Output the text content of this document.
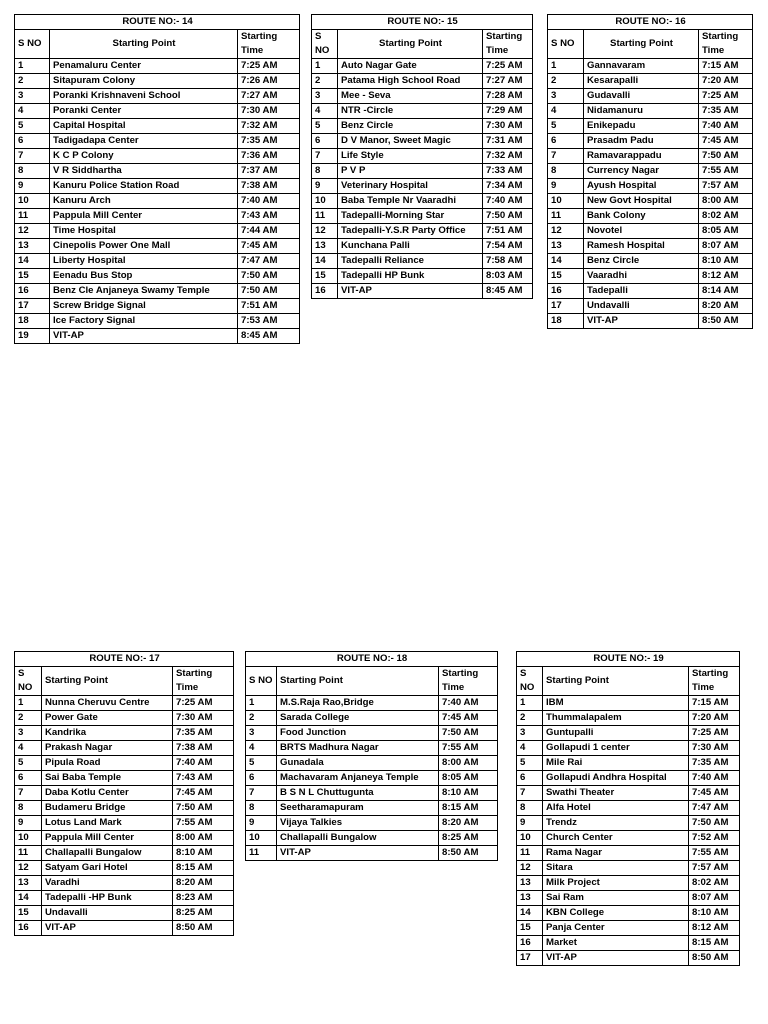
ROUTE NO:- 14		
S NO	Starting Point	Starting Time
1	Penamaluru Center	7:25 AM
2	Sitapuram Colony	7:26 AM
3	Poranki Krishnaveni School	7:27 AM
4	Poranki Center	7:30 AM
5	Capital Hospital	7:32 AM
6	Tadigadapa Center	7:35 AM
7	K C P Colony	7:36 AM
8	V R Siddhartha	7:37 AM
9	Kanuru Police Station Road	7:38 AM
10	Kanuru Arch	7:40 AM
11	Pappula Mill Center	7:43 AM
12	Time Hospital	7:44 AM
13	Cinepolis Power One Mall	7:45 AM
14	Liberty Hospital	7:47 AM
15	Eenadu Bus Stop	7:50 AM
16	Benz Cle Anjaneya Swamy Temple	7:50 AM
17	Screw Bridge Signal	7:51 AM
18	Ice Factory Signal	7:53 AM
19	VIT-AP	8:45 AM
ROUTE NO:- 15		
S NO	Starting Point	Starting Time
1	Auto Nagar Gate	7:25 AM
2	Patama High School Road	7:27 AM
3	Mee - Seva	7:28 AM
4	NTR -Circle	7:29 AM
5	Benz Circle	7:30 AM
6	D V Manor, Sweet Magic	7:31 AM
7	Life Style	7:32 AM
8	P V P	7:33 AM
9	Veterinary Hospital	7:34 AM
10	Baba Temple Nr Vaaradhi	7:40 AM
11	Tadepalli-Morning Star	7:50 AM
12	Tadepalli-Y.S.R Party Office	7:51 AM
13	Kunchana Palli	7:54 AM
14	Tadepalli Reliance	7:58 AM
15	Tadepalli HP Bunk	8:03 AM
16	VIT-AP	8:45 AM
ROUTE NO:- 16		
S NO	Starting Point	Starting Time
1	Gannavaram	7:15 AM
2	Kesarapalli	7:20 AM
3	Gudavalli	7:25 AM
4	Nidamanuru	7:35 AM
5	Enikepadu	7:40 AM
6	Prasadm Padu	7:45 AM
7	Ramavarappadu	7:50 AM
8	Currency Nagar	7:55 AM
9	Ayush Hospital	7:57 AM
10	New Govt Hospital	8:00 AM
11	Bank Colony	8:02 AM
12	Novotel	8:05 AM
13	Ramesh Hospital	8:07 AM
14	Benz Circle	8:10 AM
15	Vaaradhi	8:12 AM
16	Tadepalli	8:14 AM
17	Undavalli	8:20 AM
18	VIT-AP	8:50 AM
ROUTE NO:- 17		
S NO	Starting Point	Starting Time
1	Nunna Cheruvu Centre	7:25 AM
2	Power Gate	7:30 AM
3	Kandrika	7:35 AM
4	Prakash Nagar	7:38 AM
5	Pipula Road	7:40 AM
6	Sai Baba Temple	7:43 AM
7	Daba Kotlu Center	7:45 AM
8	Budameru Bridge	7:50 AM
9	Lotus Land Mark	7:55 AM
10	Pappula Mill Center	8:00 AM
11	Challapalli Bungalow	8:10 AM
12	Satyam Gari Hotel	8:15 AM
13	Varadhi	8:20 AM
14	Tadepalli -HP Bunk	8:23 AM
15	Undavalli	8:25 AM
16	VIT-AP	8:50 AM
ROUTE NO:- 18		
S NO	Starting Point	Starting Time
1	M.S.Raja Rao,Bridge	7:40 AM
2	Sarada College	7:45 AM
3	Food Junction	7:50 AM
4	BRTS Madhura Nagar	7:55 AM
5	Gunadala	8:00 AM
6	Machavaram Anjaneya Temple	8:05 AM
7	B S N L Chuttugunta	8:10 AM
8	Seetharamapuram	8:15 AM
9	Vijaya Talkies	8:20 AM
10	Challapalli Bungalow	8:25 AM
11	VIT-AP	8:50 AM
ROUTE NO:- 19		
S NO	Starting Point	Starting Time
1	IBM	7:15 AM
2	Thummalapalem	7:20 AM
3	Guntupalli	7:25 AM
4	Gollapudi 1 center	7:30 AM
5	Mile Rai	7:35 AM
6	Gollapudi Andhra Hospital	7:40 AM
7	Swathi Theater	7:45 AM
8	Alfa Hotel	7:47 AM
9	Trendz	7:50 AM
10	Church Center	7:52 AM
11	Rama Nagar	7:55 AM
12	Sitara	7:57 AM
13	Milk Project	8:02 AM
13	Sai Ram	8:07 AM
14	KBN College	8:10 AM
15	Panja Center	8:12 AM
16	Market	8:15 AM
17	VIT-AP	8:50 AM
